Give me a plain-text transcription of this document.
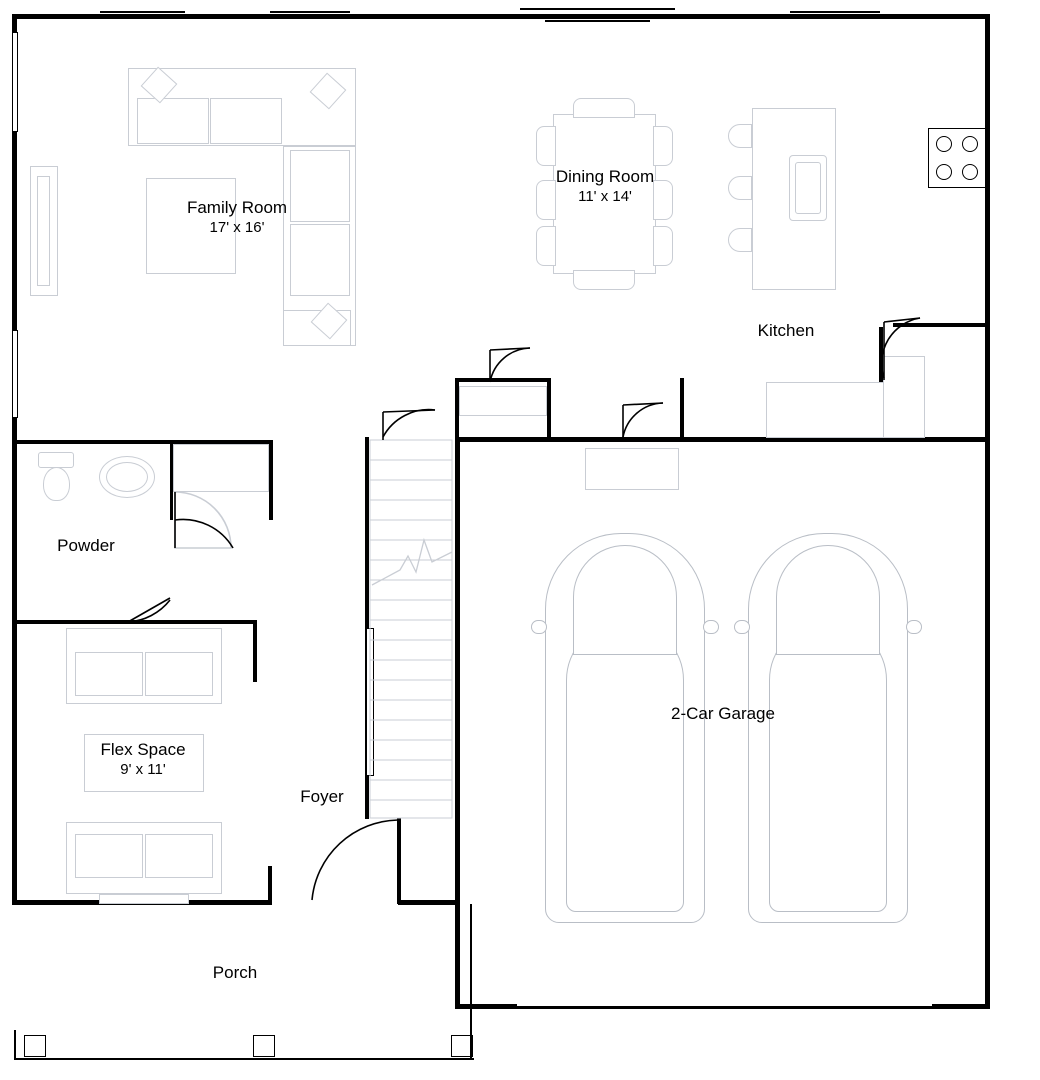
Family Room
17' x 16'
Dining Room
11' x 14'
Kitchen
Powder
Flex Space
9' x 11'
Foyer
2-Car Garage
Porch
